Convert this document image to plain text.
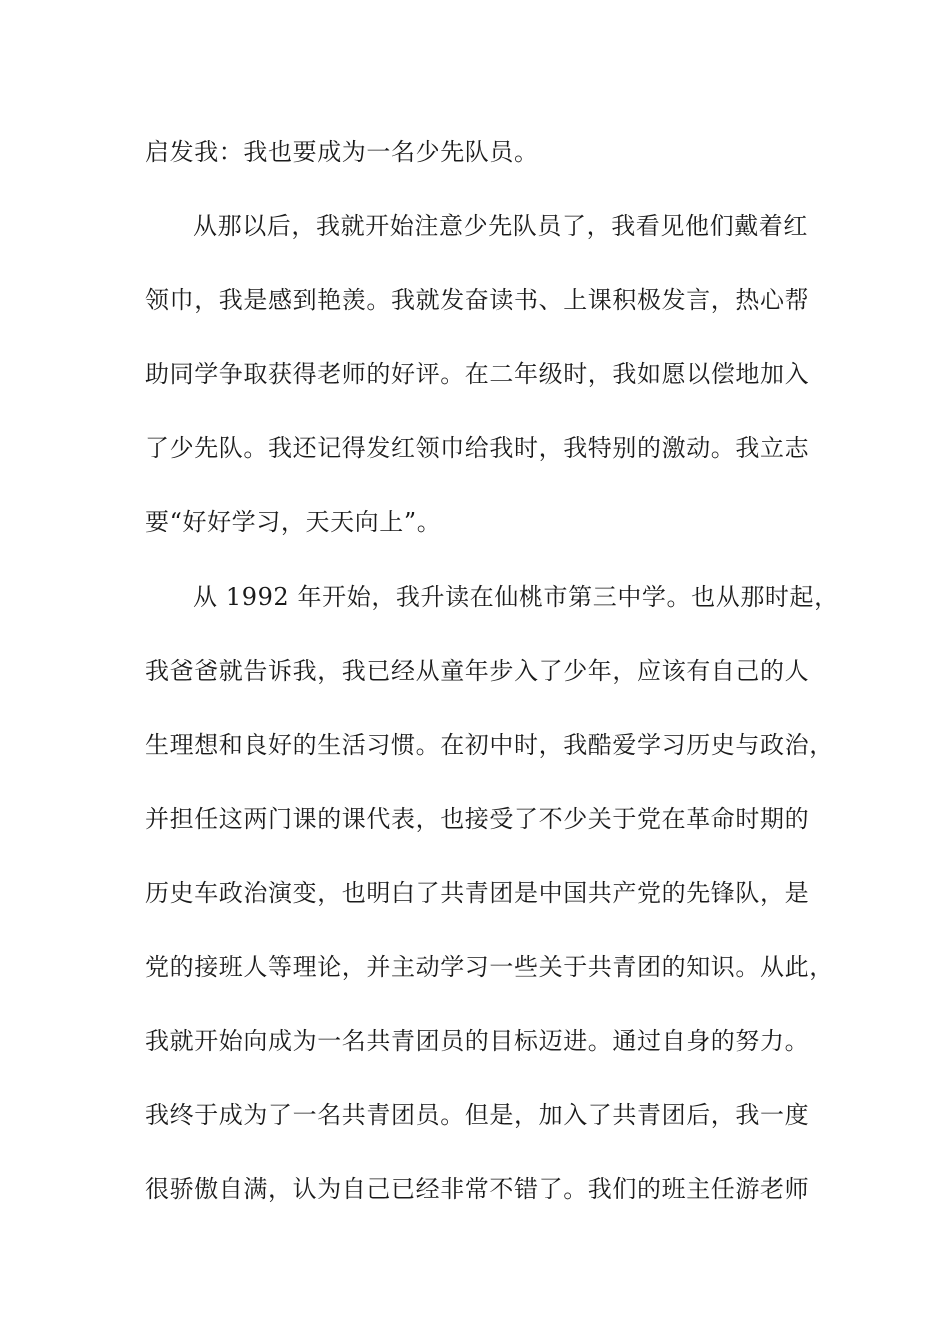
启发我：我也要成为一名少先队员。
从那以后，我就开始注意少先队员了，我看见他们戴着红
领巾，我是感到艳羡。我就发奋读书、上课积极发言，热心帮
助同学争取获得老师的好评。在二年级时，我如愿以偿地加入
了少先队。我还记得发红领巾给我时，我特别的激动。我立志
要“好好学习，天天向上”。
从 1992 年开始，我升读在仙桃市第三中学。也从那时起，
我爸爸就告诉我，我已经从童年步入了少年，应该有自己的人
生理想和良好的生活习惯。在初中时，我酷爱学习历史与政治，
并担任这两门课的课代表，也接受了不少关于党在革命时期的
历史车政治演变，也明白了共青团是中国共产党的先锋队，是
党的接班人等理论，并主动学习一些关于共青团的知识。从此，
我就开始向成为一名共青团员的目标迈进。通过自身的努力。
我终于成为了一名共青团员。但是，加入了共青团后，我一度
很骄傲自满，认为自己已经非常不错了。我们的班主任游老师
